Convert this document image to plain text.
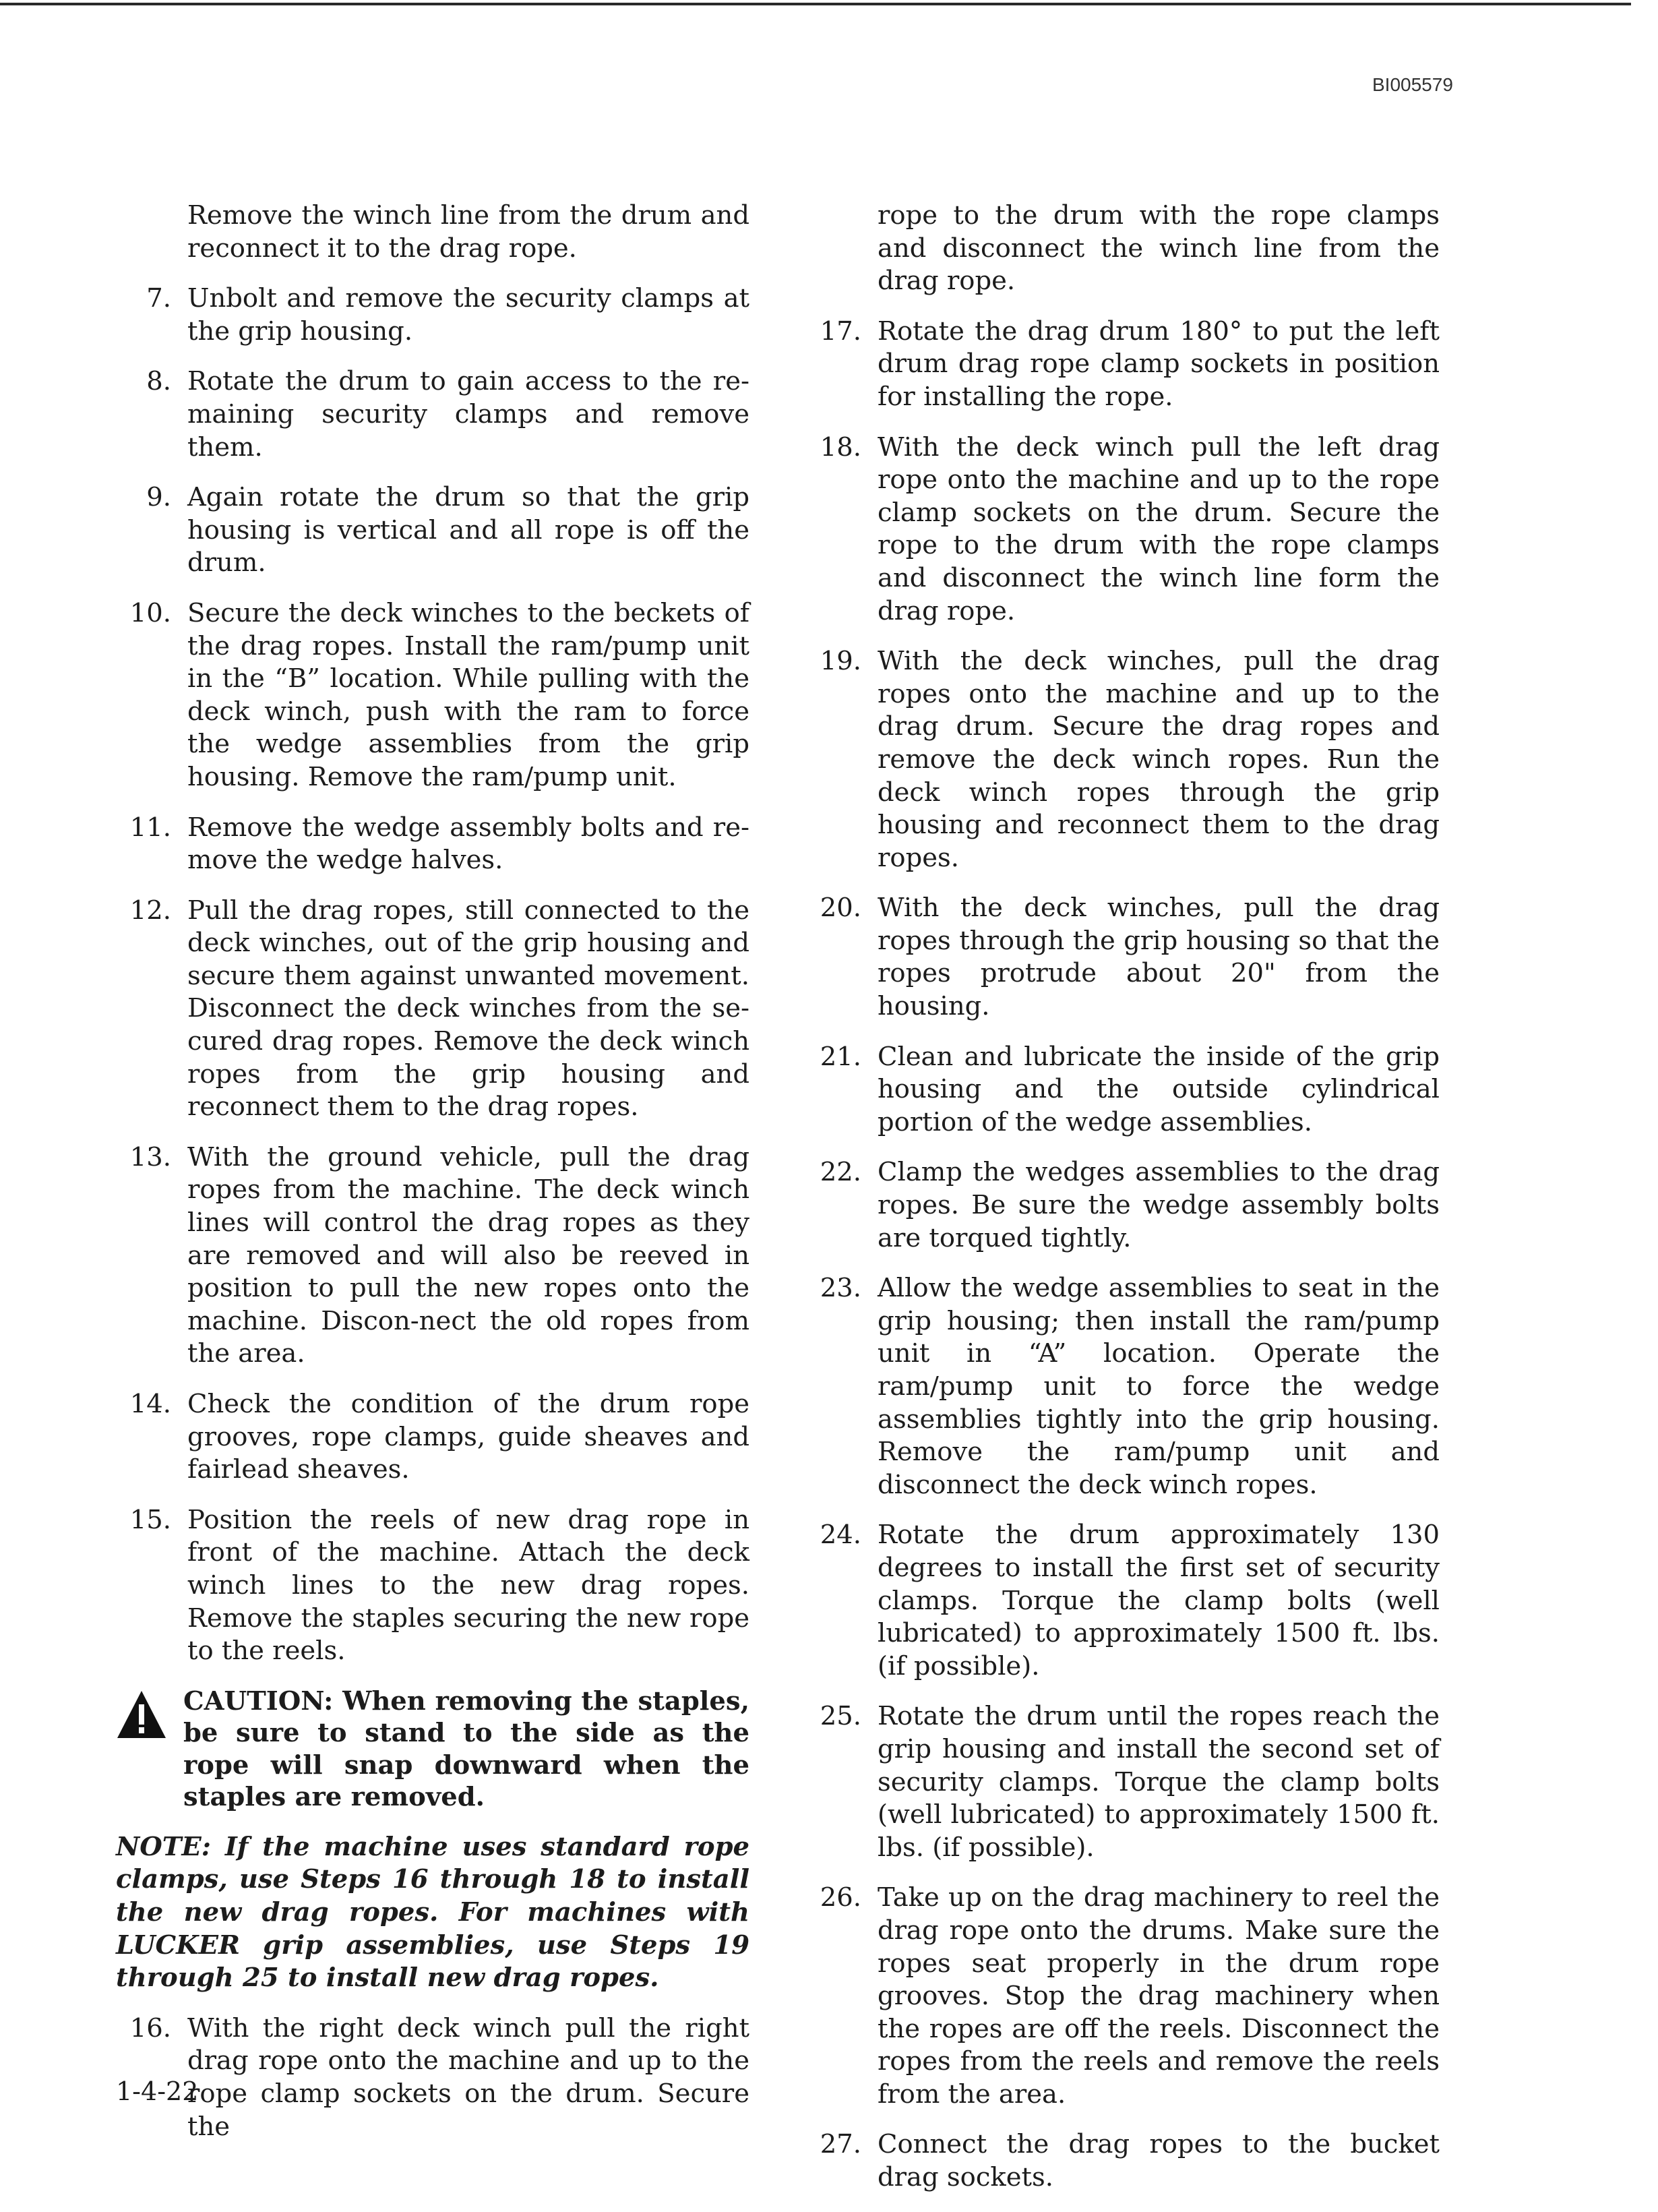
BI005579

Remove the winch line from the drum and reconnect it to the drag rope.

7. Unbolt and remove the security clamps at the grip housing.

8. Rotate the drum to gain access to the re-maining security clamps and remove them.

9. Again rotate the drum so that the grip housing is vertical and all rope is off the drum.

10. Secure the deck winches to the beckets of the drag ropes. Install the ram/pump unit in the “B” location. While pulling with the deck winch, push with the ram to force the wedge assemblies from the grip housing. Remove the ram/pump unit.

11. Remove the wedge assembly bolts and re-move the wedge halves.

12. Pull the drag ropes, still connected to the deck winches, out of the grip housing and secure them against unwanted movement. Disconnect the deck winches from the se-cured drag ropes. Remove the deck winch ropes from the grip housing and reconnect them to the drag ropes.

13. With the ground vehicle, pull the drag ropes from the machine. The deck winch lines will control the drag ropes as they are removed and will also be reeved in position to pull the new ropes onto the machine. Discon-nect the old ropes from the area.

14. Check the condition of the drum rope grooves, rope clamps, guide sheaves and fairlead sheaves.

15. Position the reels of new drag rope in front of the machine. Attach the deck winch lines to the new drag ropes. Remove the staples securing the new rope to the reels.

CAUTION: When removing the staples, be sure to stand to the side as the rope will snap downward when the staples are removed.

NOTE: If the machine uses standard rope clamps, use Steps 16 through 18 to install the new drag ropes. For machines with LUCKER grip assemblies, use Steps 19 through 25 to install new drag ropes.

16. With the right deck winch pull the right drag rope onto the machine and up to the rope clamp sockets on the drum. Secure the

rope to the drum with the rope clamps and disconnect the winch line from the drag rope.

17. Rotate the drag drum 180° to put the left drum drag rope clamp sockets in position for installing the rope.

18. With the deck winch pull the left drag rope onto the machine and up to the rope clamp sockets on the drum. Secure the rope to the drum with the rope clamps and disconnect the winch line form the drag rope.

19. With the deck winches, pull the drag ropes onto the machine and up to the drag drum. Secure the drag ropes and remove the deck winch ropes. Run the deck winch ropes through the grip housing and reconnect them to the drag ropes.

20. With the deck winches, pull the drag ropes through the grip housing so that the ropes protrude about 20" from the housing.

21. Clean and lubricate the inside of the grip housing and the outside cylindrical portion of the wedge assemblies.

22. Clamp the wedges assemblies to the drag ropes. Be sure the wedge assembly bolts are torqued tightly.

23. Allow the wedge assemblies to seat in the grip housing; then install the ram/pump unit in “A” location. Operate the ram/pump unit to force the wedge assemblies tightly into the grip housing. Remove the ram/pump unit and disconnect the deck winch ropes.

24. Rotate the drum approximately 130 degrees to install the first set of security clamps. Torque the clamp bolts (well lubricated) to approximately 1500 ft. lbs. (if possible).

25. Rotate the drum until the ropes reach the grip housing and install the second set of security clamps. Torque the clamp bolts (well lubricated) to approximately 1500 ft. lbs. (if possible).

26. Take up on the drag machinery to reel the drag rope onto the drums. Make sure the ropes seat properly in the drum rope grooves. Stop the drag machinery when the ropes are off the reels. Disconnect the ropes from the reels and remove the reels from the area.

27. Connect the drag ropes to the bucket drag sockets.

1-4-22
